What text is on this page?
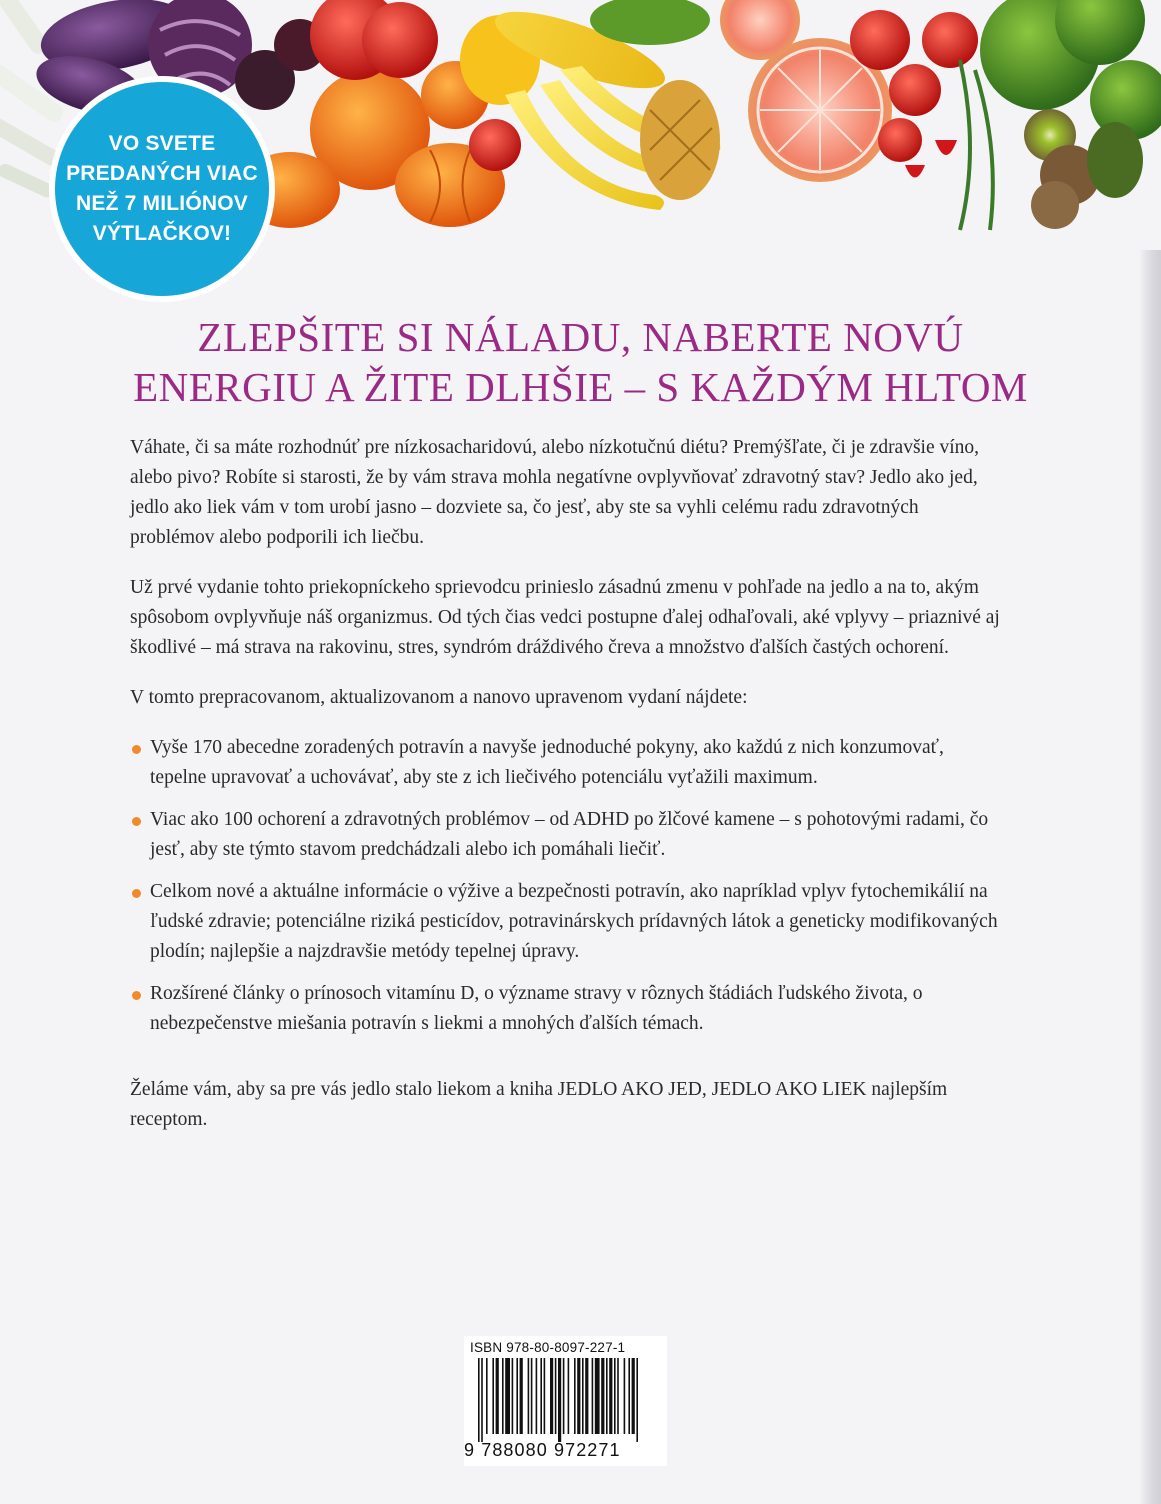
VO SVETE
PREDANÝCH VIAC
NEŽ 7 MILIÓNOV
VÝTLAČKOV!
ZLEPŠITE SI NÁLADU, NABERTE NOVÚ
ENERGIU A ŽITE DLHŠIE – S KAŽDÝM HLTOM

Váhate, či sa máte rozhodnúť pre nízkosacharidovú, alebo nízkotučnú diétu? Premýšľate, či je zdravšie víno, alebo pivo? Robíte si starosti, že by vám strava mohla negatívne ovplyvňovať zdravotný stav? Jedlo ako jed, jedlo ako liek vám v tom urobí jasno – dozviete sa, čo jesť, aby ste sa vyhli celému radu zdravotných problémov alebo podporili ich liečbu.

Už prvé vydanie tohto priekopníckeho sprievodcu prinieslo zásadnú zmenu v pohľade na jedlo a na to, akým spôsobom ovplyvňuje náš organizmus. Od tých čias vedci postupne ďalej odhaľovali, aké vplyvy – priaznivé aj škodlivé – má strava na rakovinu, stres, syndróm dráždivého čreva a množstvo ďalších častých ochorení.

V tomto prepracovanom, aktualizovanom a nanovo upravenom vydaní nájdete:

Vyše 170 abecedne zoradených potravín a navyše jednoduché pokyny, ako každú z nich konzumovať, tepelne upravovať a uchovávať, aby ste z ich liečivého potenciálu vyťažili maximum.
Viac ako 100 ochorení a zdravotných problémov – od ADHD po žlčové kamene – s pohotovými radami, čo jesť, aby ste týmto stavom predchádzali alebo ich pomáhali liečiť.
Celkom nové a aktuálne informácie o výžive a bezpečnosti potravín, ako napríklad vplyv fytochemikálií na ľudské zdravie; potenciálne riziká pesticídov, potravinárskych prídavných látok a geneticky modifikovaných plodín; najlepšie a najzdravšie metódy tepelnej úpravy.
Rozšírené články o prínosoch vitamínu D, o význame stravy v rôznych štádiách ľudského života, o nebezpečenstve miešania potravín s liekmi a mnohých ďalších témach.

Želáme vám, aby sa pre vás jedlo stalo liekom a kniha JEDLO AKO JED, JEDLO AKO LIEK najlepším receptom.

ISBN 978-80-8097-227-1
9 788080 972271
